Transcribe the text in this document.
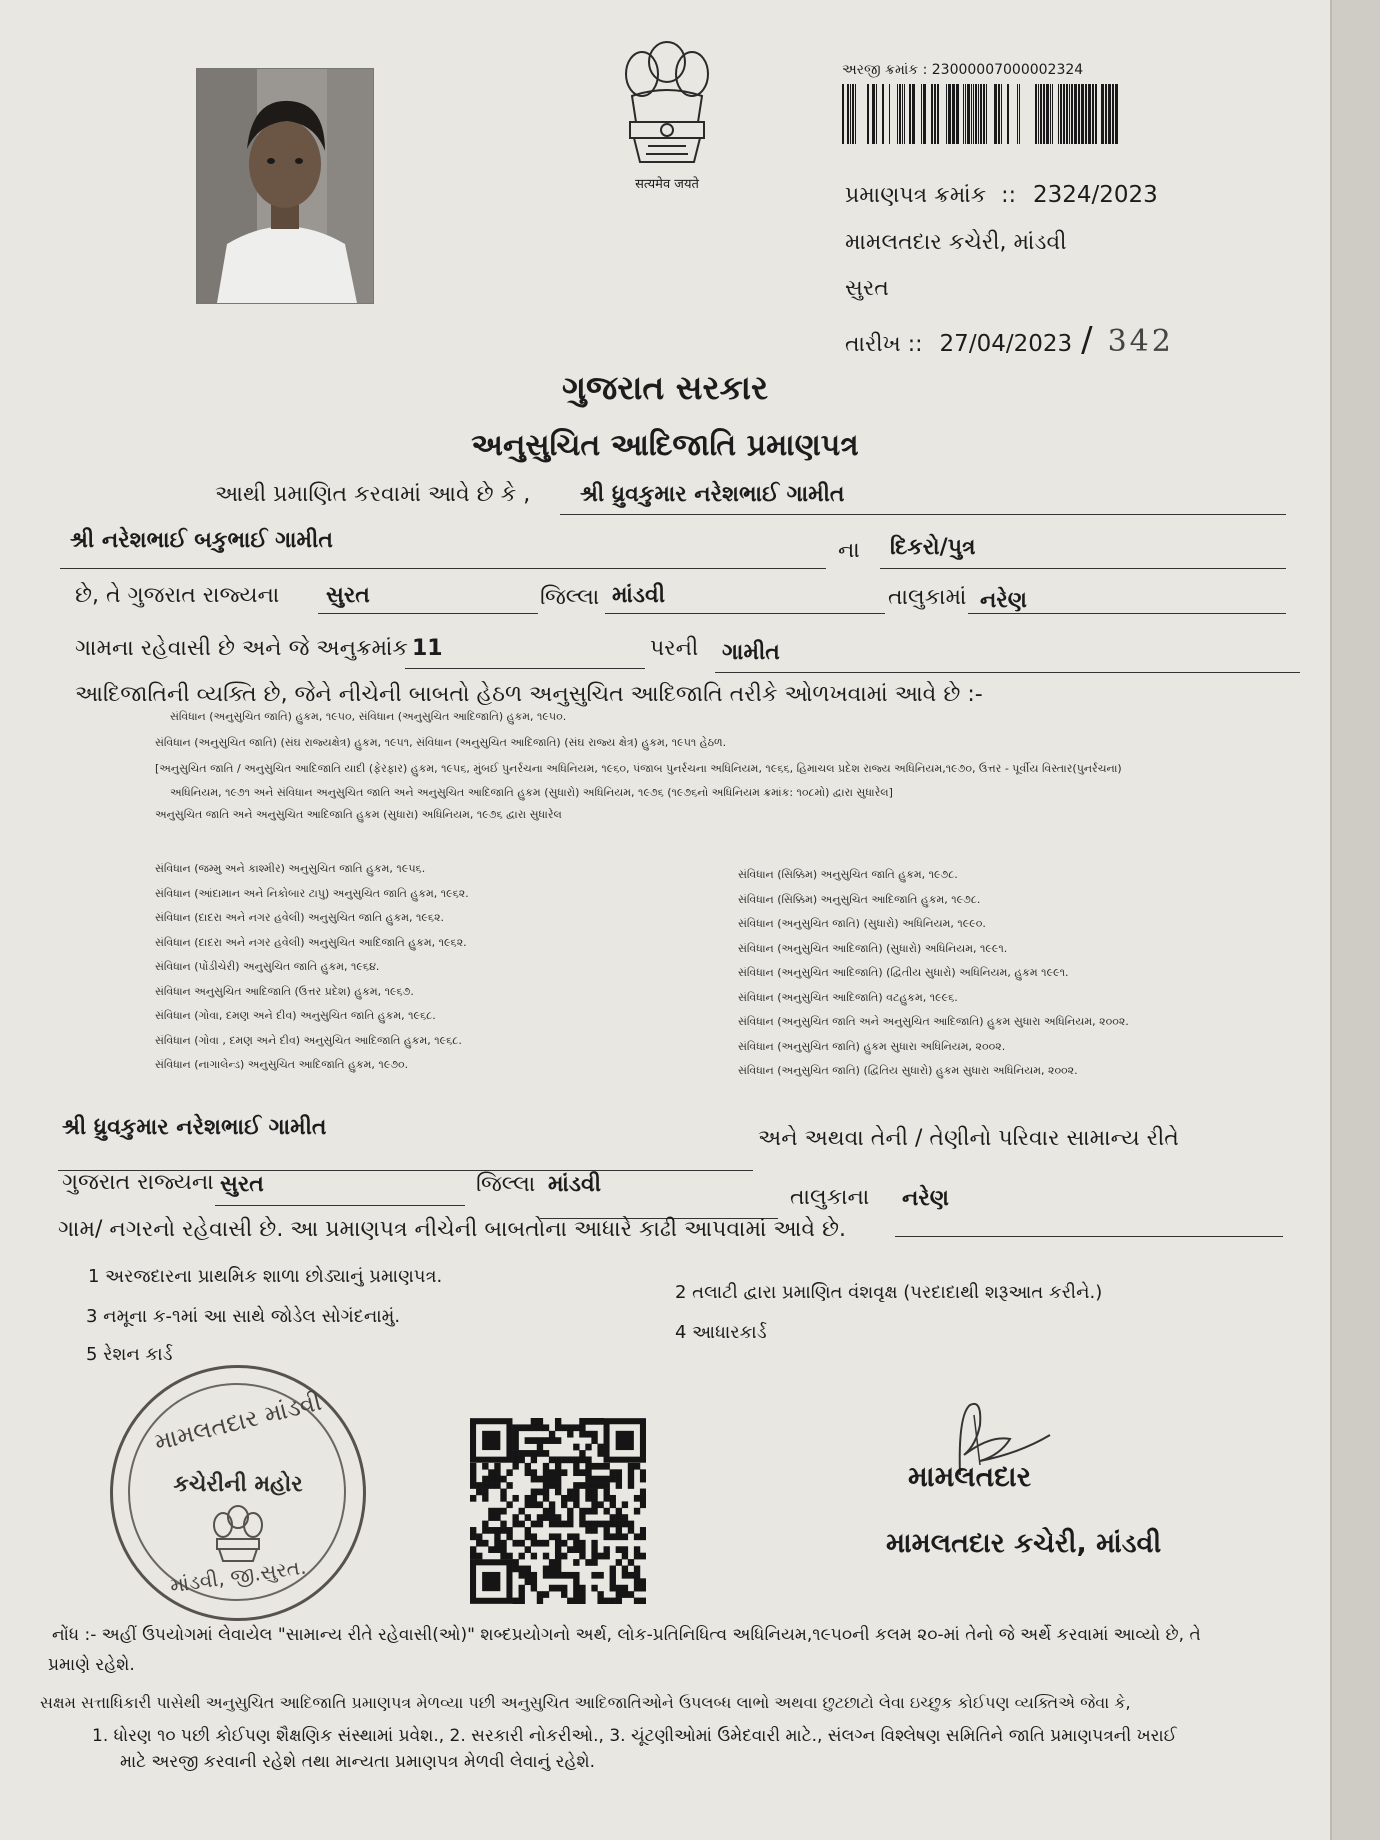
सत्यमेव जयते
અરજી ક્રમાંક : 23000007000002324
પ્રમાણપત્ર ક્રમાંક :: 2324/2023
મામલતદાર કચેરી, માંડવી
સુરત
તારીખ :: 27/04/2023 / 342
ગુજરાત સરકાર
અનુસુચિત આદિજાતિ પ્રમાણપત્ર
આથી પ્રમાણિત કરવામાં આવે છે કે , શ્રી ધ્રુવકુમાર નરેશભાઈ ગામીત
શ્રી નરેશભાઈ બકુભાઈ ગામીત	ના દિકરો/પુત્ર
છે, તે ગુજરાત રાજ્યના સુરત	જિલ્લા માંડવી	તાલુકામાં નરેણ
ગામના રહેવાસી છે અને જે અનુક્રમાંક 11	પરની ગામીત
આદિજાતિની વ્યક્તિ છે, જેને નીચેની બાબતો હેઠળ અનુસુચિત આદિજાતિ તરીકે ઓળખવામાં આવે છે :-
સંવિધાન (અનુસુચિત જાતિ) હુકમ, ૧૯૫૦, સંવિધાન (અનુસુચિત આદિજાતિ) હુકમ, ૧૯૫૦.
સંવિધાન (અનુસુચિત જાતિ) (સંઘ રાજ્યક્ષેત્ર) હુકમ, ૧૯૫૧, સંવિધાન (અનુસુચિત આદિજાતિ) (સંઘ રાજ્ય ક્ષેત્ર) હુકમ, ૧૯૫૧ હેઠળ.
[અનુસુચિત જાતિ / અનુસુચિત આદિજાતિ યાદી (ફેરફાર) હુકમ, ૧૯૫૬, મુંબઈ પુનર્રચના અધિનિયમ, ૧૯૬૦, પંજાબ પુનર્રચના અધિનિયમ, ૧૯૬૬, હિમાચલ પ્રદેશ રાજ્ય અધિનિયમ,૧૯૭૦, ઉત્તર - પૂર્વીય વિસ્તાર(પુનર્રચના)
અધિનિયમ, ૧૯૭૧ અને સંવિધાન અનુસુચિત જાતિ અને અનુસુચિત આદિજાતિ હુકમ (સુધારો) અધિનિયમ, ૧૯૭૬ (૧૯૭૬નો અધિનિયમ ક્રમાંક: ૧૦૮મો) દ્વારા સુધારેલ]
અનુસુચિત જાતિ અને અનુસુચિત આદિજાતિ હુકમ (સુધારા) અધિનિયમ, ૧૯૭૬ દ્વારા સુધારેલ
સંવિધાન (જમ્મુ અને કાશ્મીર) અનુસુચિત જાતિ હુકમ, ૧૯૫૬.
સંવિધાન (આંદામાન અને નિકોબાર ટાપુ) અનુસુચિત જાતિ હુકમ, ૧૯૬૨.
સંવિધાન (દાદરા અને નગર હવેલી) અનુસુચિત જાતિ હુકમ, ૧૯૬૨.
સંવિધાન (દાદરા અને નગર હવેલી) અનુસુચિત આદિજાતિ હુકમ, ૧૯૬૨.
સંવિધાન (પોંડીચેરી) અનુસુચિત જાતિ હુકમ, ૧૯૬૪.
સંવિધાન અનુસુચિત આદિજાતિ (ઉત્તર પ્રદેશ) હુકમ, ૧૯૬૭.
સંવિધાન (ગોવા, દમણ અને દીવ) અનુસુચિત જાતિ હુકમ, ૧૯૬૮.
સંવિધાન (ગોવા , દમણ અને દીવ) અનુસુચિત આદિજાતિ હુકમ, ૧૯૬૮.
સંવિધાન (નાગાલેન્ડ) અનુસુચિત આદિજાતિ હુકમ, ૧૯૭૦.
સંવિધાન (સિક્કિમ) અનુસુચિત જાતિ હુકમ, ૧૯૭૮.
સંવિધાન (સિક્કિમ) અનુસુચિત આદિજાતિ હુકમ, ૧૯૭૮.
સંવિધાન (અનુસુચિત જાતિ) (સુધારો) અધિનિયમ, ૧૯૯૦.
સંવિધાન (અનુસુચિત આદિજાતિ) (સુધારો) અધિનિયમ, ૧૯૯૧.
સંવિધાન (અનુસુચિત આદિજાતિ) (દ્વિતીય સુધારો) અધિનિયમ, હુકમ ૧૯૯૧.
સંવિધાન (અનુસુચિત આદિજાતિ) વટહુકમ, ૧૯૯૬.
સંવિધાન (અનુસુચિત જાતિ અને અનુસુચિત આદિજાતિ) હુકમ સુધારા અધિનિયમ, ૨૦૦૨.
સંવિધાન (અનુસુચિત જાતિ) હુકમ સુધારા અધિનિયમ, ૨૦૦૨.
સંવિધાન (અનુસુચિત જાતિ) (દ્વિતિય સુધારો) હુકમ સુધારા અધિનિયમ, ૨૦૦૨.
શ્રી ધ્રુવકુમાર નરેશભાઈ ગામીત	અને અથવા તેની / તેણીનો પરિવાર સામાન્ય રીતે
ગુજરાત રાજ્યના સુરત	જિલ્લા માંડવી
તાલુકાના નરેણ
ગામ/ નગરનો રહેવાસી છે. આ પ્રમાણપત્ર નીચેની બાબતોના આધારે કાઢી આપવામાં આવે છે.
1 અરજદારના પ્રાથમિક શાળા છોડ્યાનું પ્રમાણપત્ર.
2 તલાટી દ્વારા પ્રમાણિત વંશવૃક્ષ (પરદાદાથી શરૂઆત કરીને.)
3 નમૂના ક-૧માં આ સાથે જોડેલ સોગંદનામું.
4 આધારકાર્ડ
5 રેશન કાર્ડ
મામલતદાર માંડવી
કચેરીની મહોર
માંડવી, જી.સુરત.
મામલતદાર
મામલતદાર કચેરી, માંડવી
નોંધ :- અહીં ઉપયોગમાં લેવાયેલ "સામાન્ય રીતે રહેવાસી(ઓ)" શબ્દપ્રયોગનો અર્થ, લોક-પ્રતિનિધિત્વ અધિનિયમ,૧૯૫૦ની કલમ ૨૦-માં તેનો જે અર્થે કરવામાં આવ્યો છે, તે
પ્રમાણે રહેશે.
સક્ષમ સત્તાધિકારી પાસેથી અનુસુચિત આદિજાતિ પ્રમાણપત્ર મેળવ્યા પછી અનુસુચિત આદિજાતિઓને ઉપલબ્ધ લાભો અથવા છુટછાટો લેવા ઇચ્છુક કોઈપણ વ્યક્તિએ જેવા કે,
1. ધોરણ ૧૦ પછી કોઈપણ શૈક્ષણિક સંસ્થામાં પ્રવેશ., 2. સરકારી નોકરીઓ., 3. ચૂંટણીઓમાં ઉમેદવારી માટે., સંલગ્ન વિશ્લેષણ સમિતિને જાતિ પ્રમાણપત્રની ખરાઈ
માટે અરજી કરવાની રહેશે તથા માન્યતા પ્રમાણપત્ર મેળવી લેવાનું રહેશે.
